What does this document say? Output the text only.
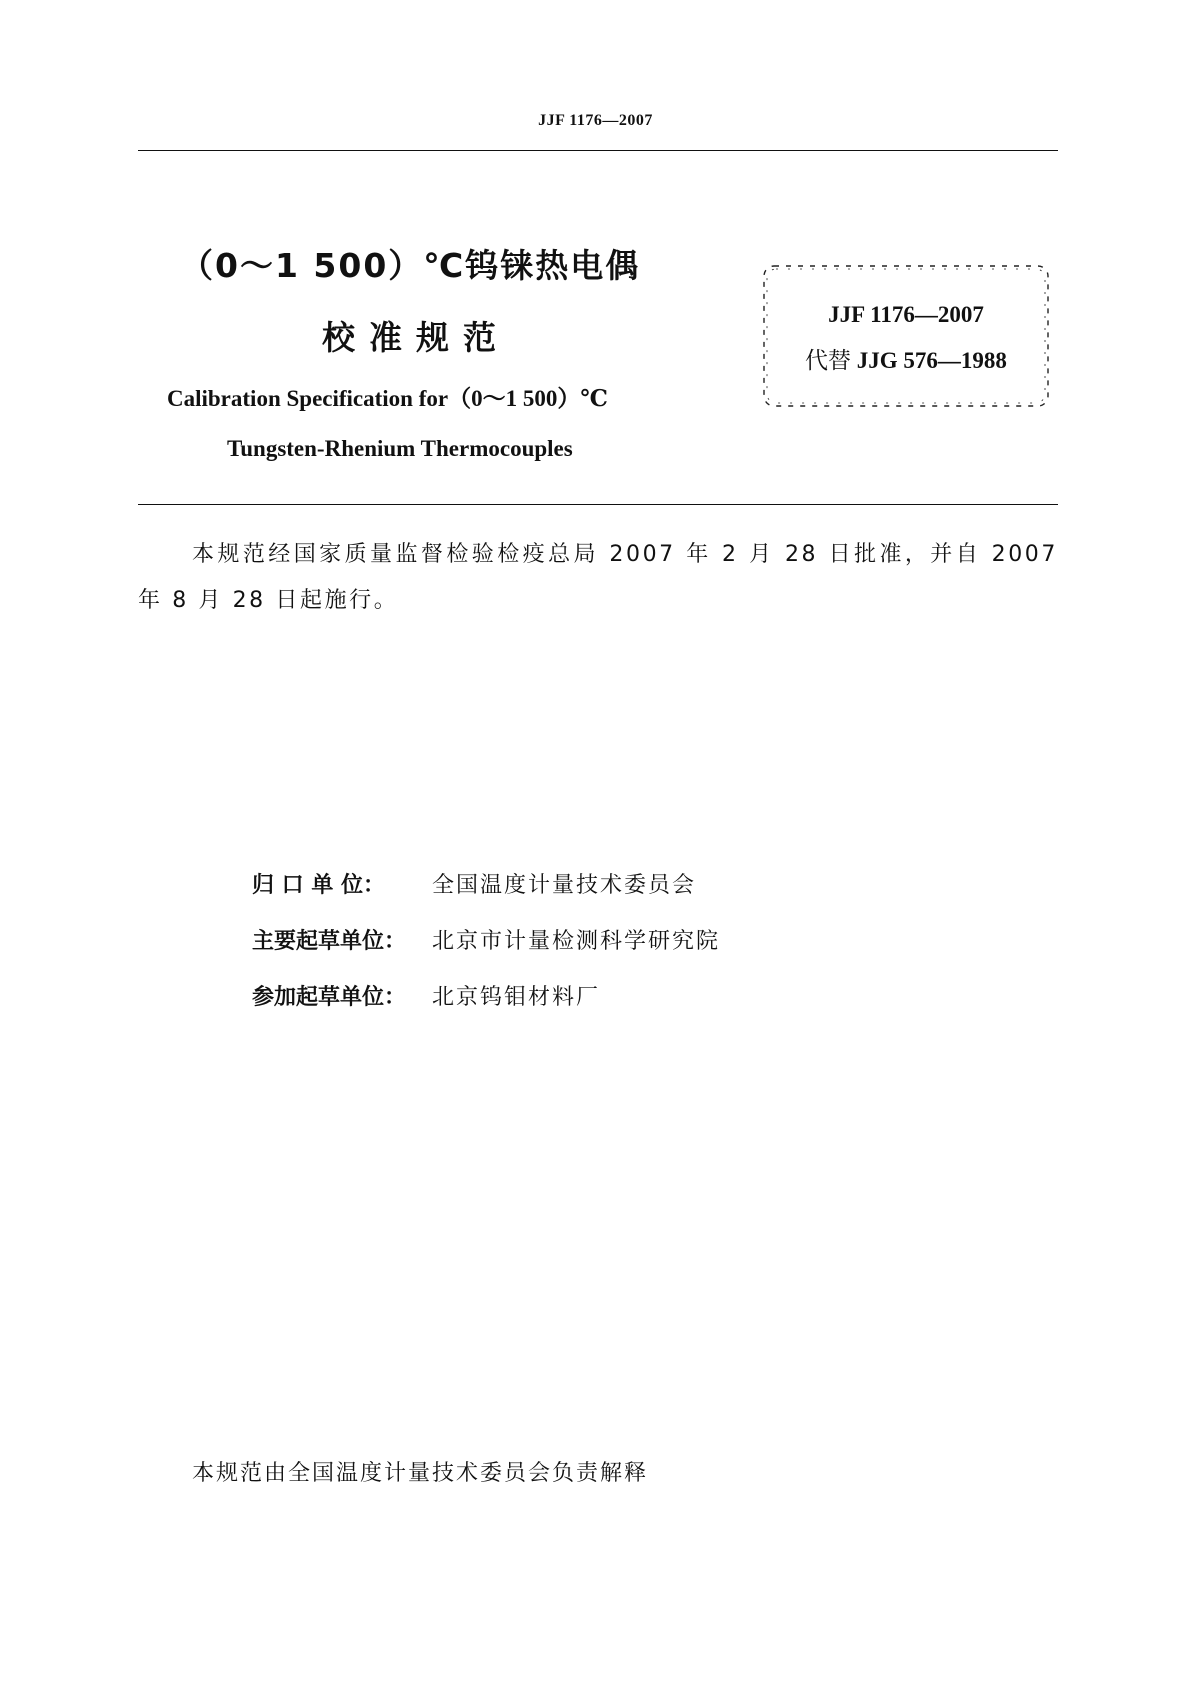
JJF 1176—2007
（0～1 500）℃钨铼热电偶
校准规范
Calibration Specification for（0～1 500）℃
Tungsten-Rhenium Thermocouples
JJF 1176—2007
代替 JJG 576—1988
本规范经国家质量监督检验检疫总局 2007 年 2 月 28 日批准，并自 2007 年 8 月 28 日起施行。
归 口 单 位： 全国温度计量技术委员会
主要起草单位： 北京市计量检测科学研究院
参加起草单位： 北京钨钼材料厂
本规范由全国温度计量技术委员会负责解释
